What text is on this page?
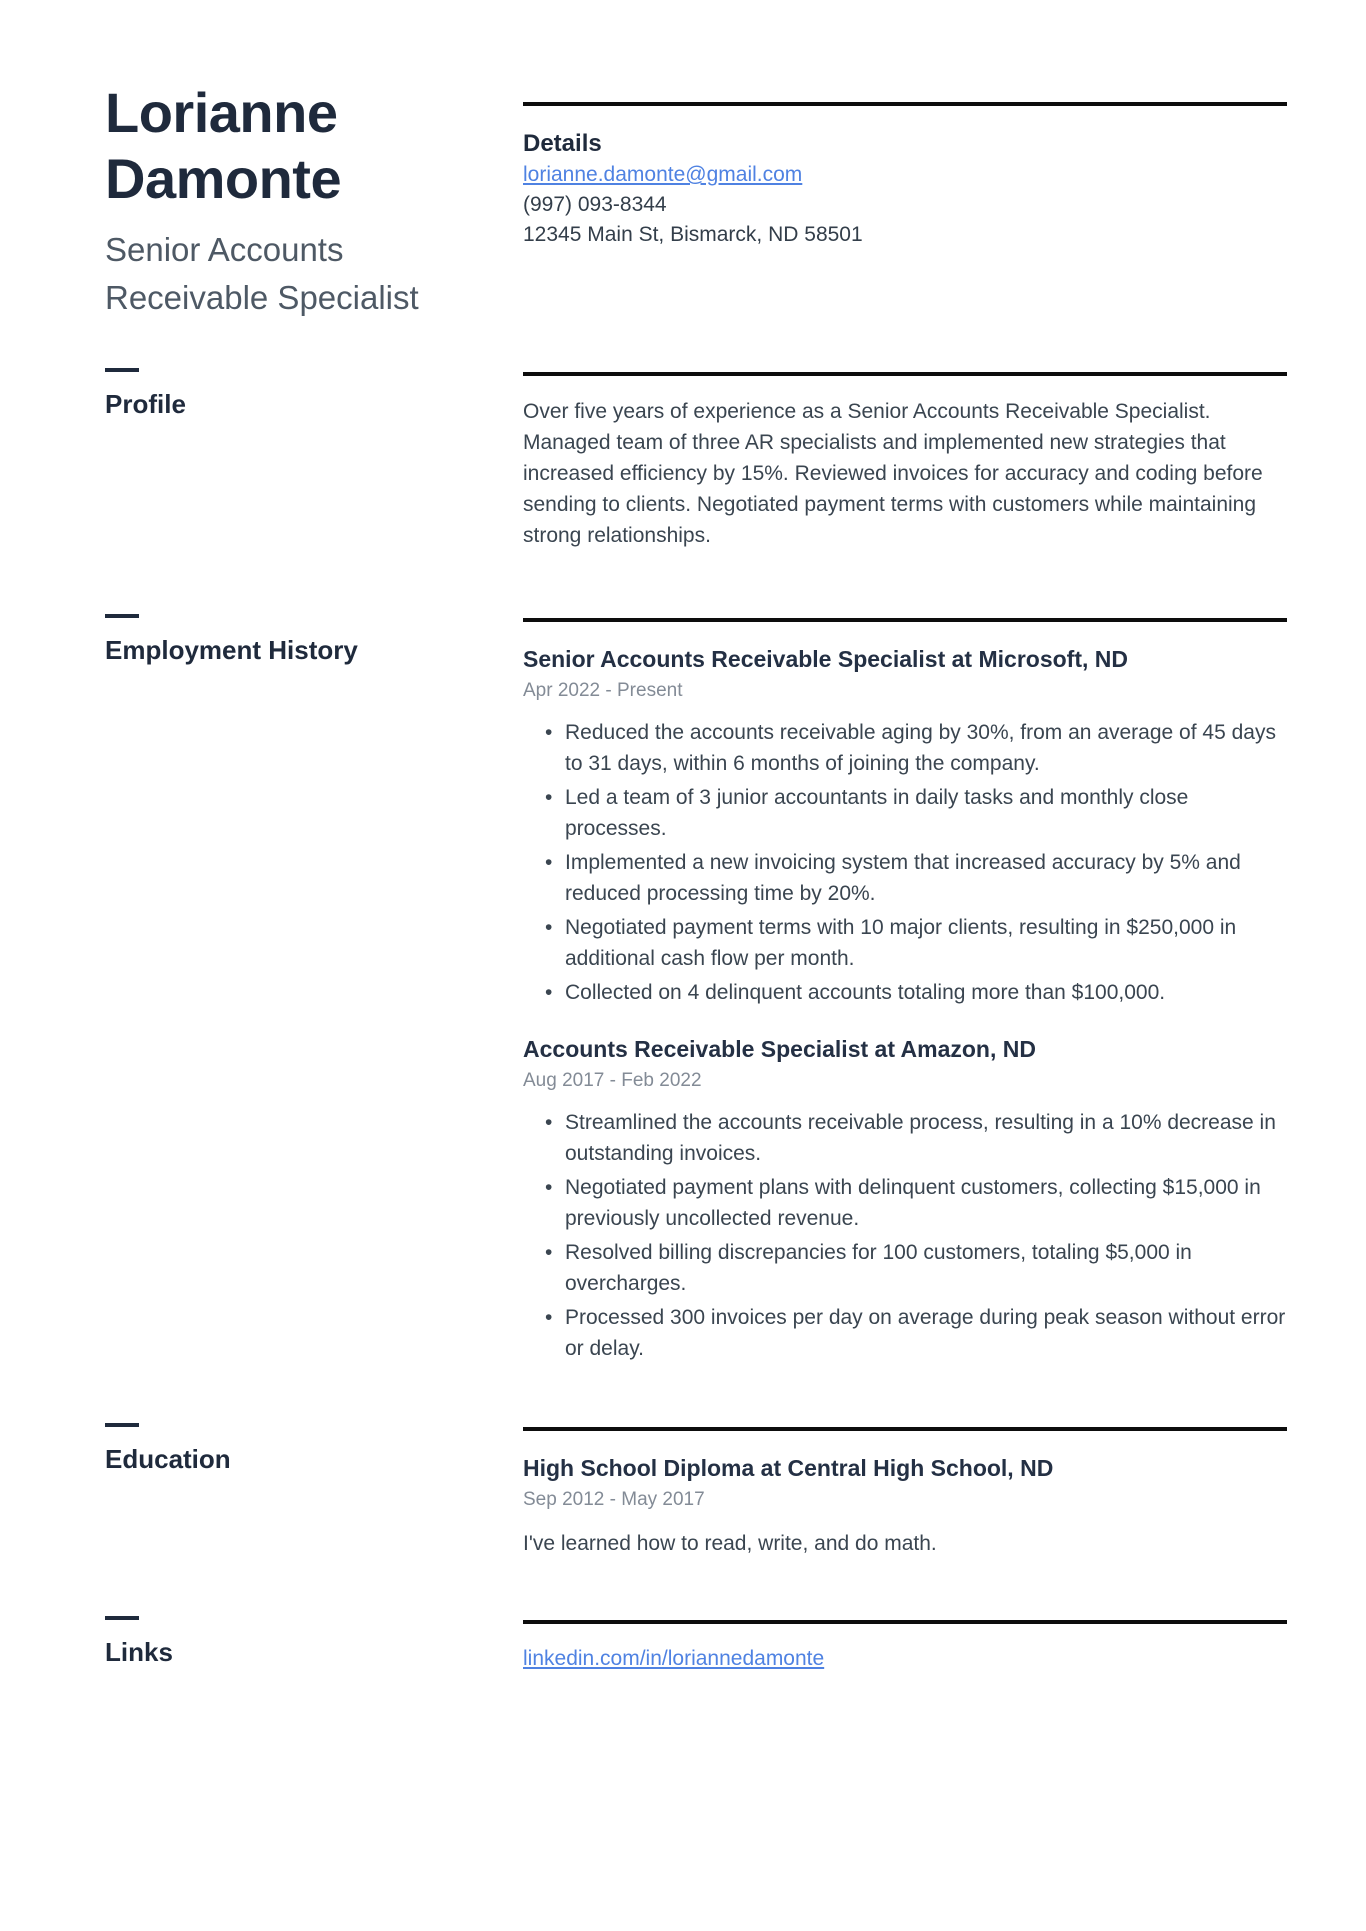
Lorianne Damonte
Senior Accounts Receivable Specialist
Profile
Employment History
Education
Links
Details
lorianne.damonte@gmail.com
(997) 093-8344
12345 Main St, Bismarck, ND 58501

Over five years of experience as a Senior Accounts Receivable Specialist. Managed team of three AR specialists and implemented new strategies that increased efficiency by 15%. Reviewed invoices for accuracy and coding before sending to clients. Negotiated payment terms with customers while maintaining strong relationships.

Senior Accounts Receivable Specialist at Microsoft, ND
Apr 2022 - Present
• Reduced the accounts receivable aging by 30%, from an average of 45 days to 31 days, within 6 months of joining the company.
• Led a team of 3 junior accountants in daily tasks and monthly close processes.
• Implemented a new invoicing system that increased accuracy by 5% and reduced processing time by 20%.
• Negotiated payment terms with 10 major clients, resulting in $250,000 in additional cash flow per month.
• Collected on 4 delinquent accounts totaling more than $100,000.
Accounts Receivable Specialist at Amazon, ND
Aug 2017 - Feb 2022
• Streamlined the accounts receivable process, resulting in a 10% decrease in outstanding invoices.
• Negotiated payment plans with delinquent customers, collecting $15,000 in previously uncollected revenue.
• Resolved billing discrepancies for 100 customers, totaling $5,000 in overcharges.
• Processed 300 invoices per day on average during peak season without error or delay.
High School Diploma at Central High School, ND
Sep 2012 - May 2017

I've learned how to read, write, and do math.

linkedin.com/in/loriannedamonte
